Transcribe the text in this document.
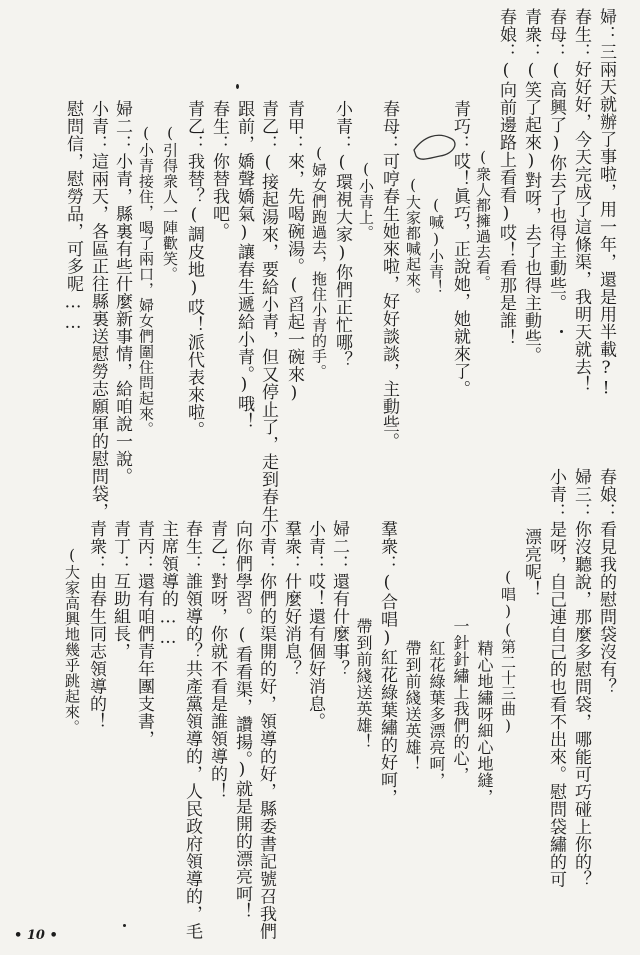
婦：三兩天就辦了事啦，用一年，還是用半載?!
春生：好好好，今天完成了這條渠，我明天就去！
春母：(高興了)你去了也得主動些。
青衆：(笑了起來)對呀，去了也得主動些。
春娘：(向前邊路上看看)哎！看那是誰！
(衆人都擁過去看。
青巧：哎！眞巧，正說她，她就來了。
(喊)小青！
(大家都喊起來。
春母：可哼春生她來啦，好好談談，主動些。
(小青上。
小青：(環視大家)你們正忙哪？
(婦女們跑過去，拖住小青的手。
青甲：來，先喝碗湯。(舀起一碗來)
青乙：(接起湯來，要給小青，但又停止了，走到春生
跟前，嬌聲嬌氣)讓春生遞給小青。)哦！
春生：你替我吧。
青乙：我替？(調皮地)哎！派代表來啦。
(引得衆人一陣歡笑。
(小青接住，喝了兩口，婦女們圍住問起來。
婦二：小青，縣裏有些什麼新事情，給咱說一說。
小青：這兩天，各區正往縣裏送慰勞志願軍的慰問袋，
慰問信，慰勞品，可多呢……
春娘：看見我的慰問袋沒有？
婦三：你沒聽說，那麼多慰問袋，哪能可巧碰上你的？
小青：是呀，自己連自己的也看不出來。慰問袋繡的可
漂亮呢！
(唱)(第二十三曲)
精心地繡呀細心地縫，
一針針繡上我們的心，
紅花綠葉多漂亮呵，
帶到前綫送英雄！
羣衆：(合唱)紅花綠葉繡的好呵，
帶到前綫送英雄！
婦二：還有什麼事？
小青：哎！還有個好消息。
羣衆：什麼好消息？
小青：你們的渠開的好，領導的好，縣委書記號召我們
向你們學習。(看看渠，讚揚。)就是開的漂亮呵！
青乙：對呀，你就不看是誰領導的！
春生：誰領導的？共產黨領導的，人民政府領導的，毛
主席領導的……
青丙：還有咱們青年團支書，
青丁：互助組長，
青衆：由春生同志領導的！
(大家高興地幾乎跳起來。
• 10 •
